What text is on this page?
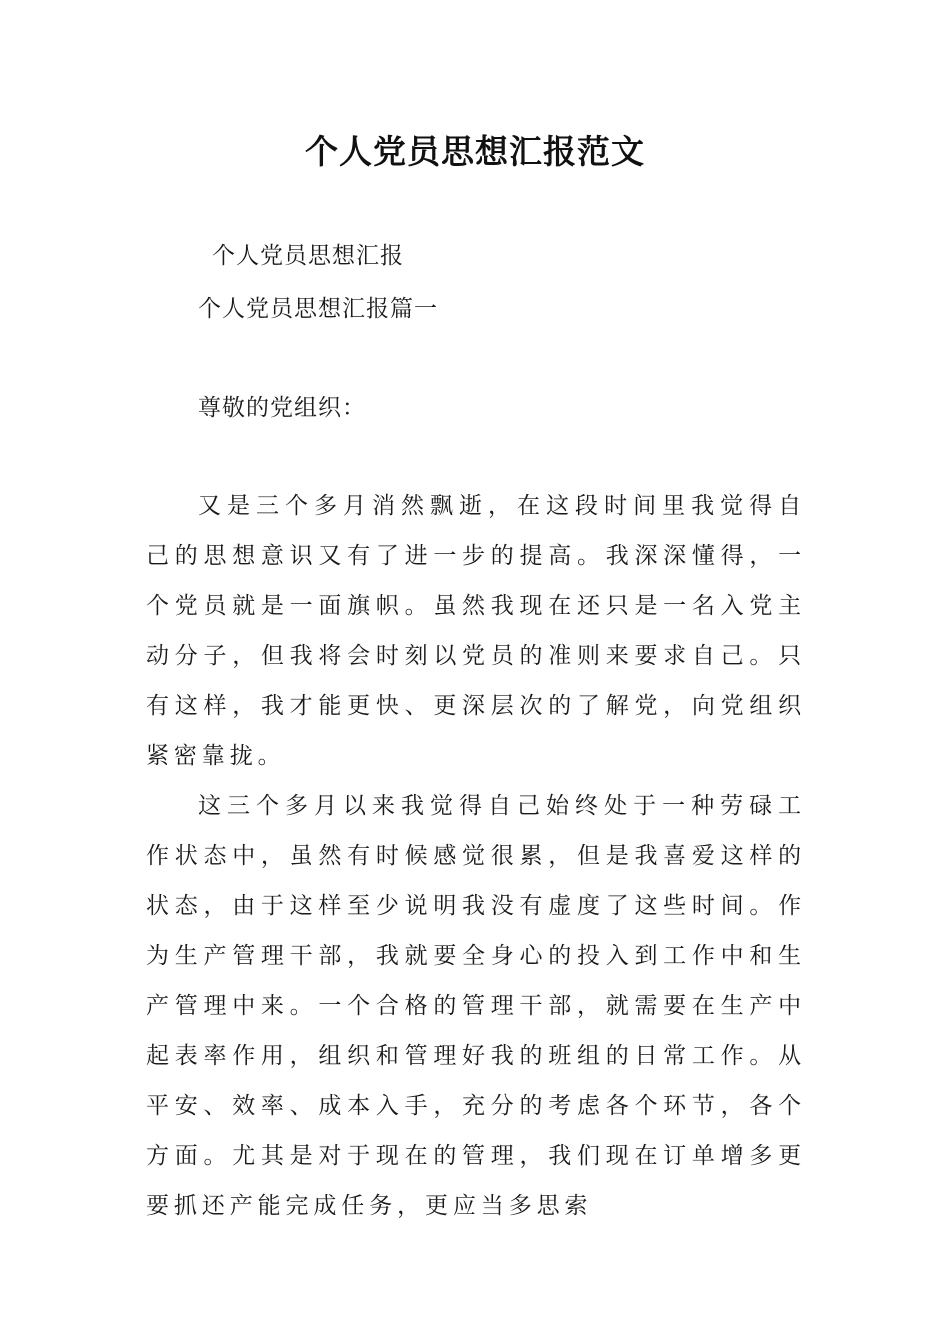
个人党员思想汇报范文
个人党员思想汇报
个人党员思想汇报篇一
尊敬的党组织：
又是三个多月消然飘逝，在这段时间里我觉得自己的思想意识又有了进一步的提高。我深深懂得，一个党员就是一面旗帜。虽然我现在还只是一名入党主动分子，但我将会时刻以党员的准则来要求自己。只有这样，我才能更快、更深层次的了解党，向党组织紧密靠拢。
这三个多月以来我觉得自己始终处于一种劳碌工作状态中，虽然有时候感觉很累，但是我喜爱这样的状态，由于这样至少说明我没有虚度了这些时间。作为生产管理干部，我就要全身心的投入到工作中和生产管理中来。一个合格的管理干部，就需要在生产中起表率作用，组织和管理好我的班组的日常工作。从平安、效率、成本入手，充分的考虑各个环节，各个方面。尤其是对于现在的管理，我们现在订单增多更要抓还产能完成任务，更应当多思索
